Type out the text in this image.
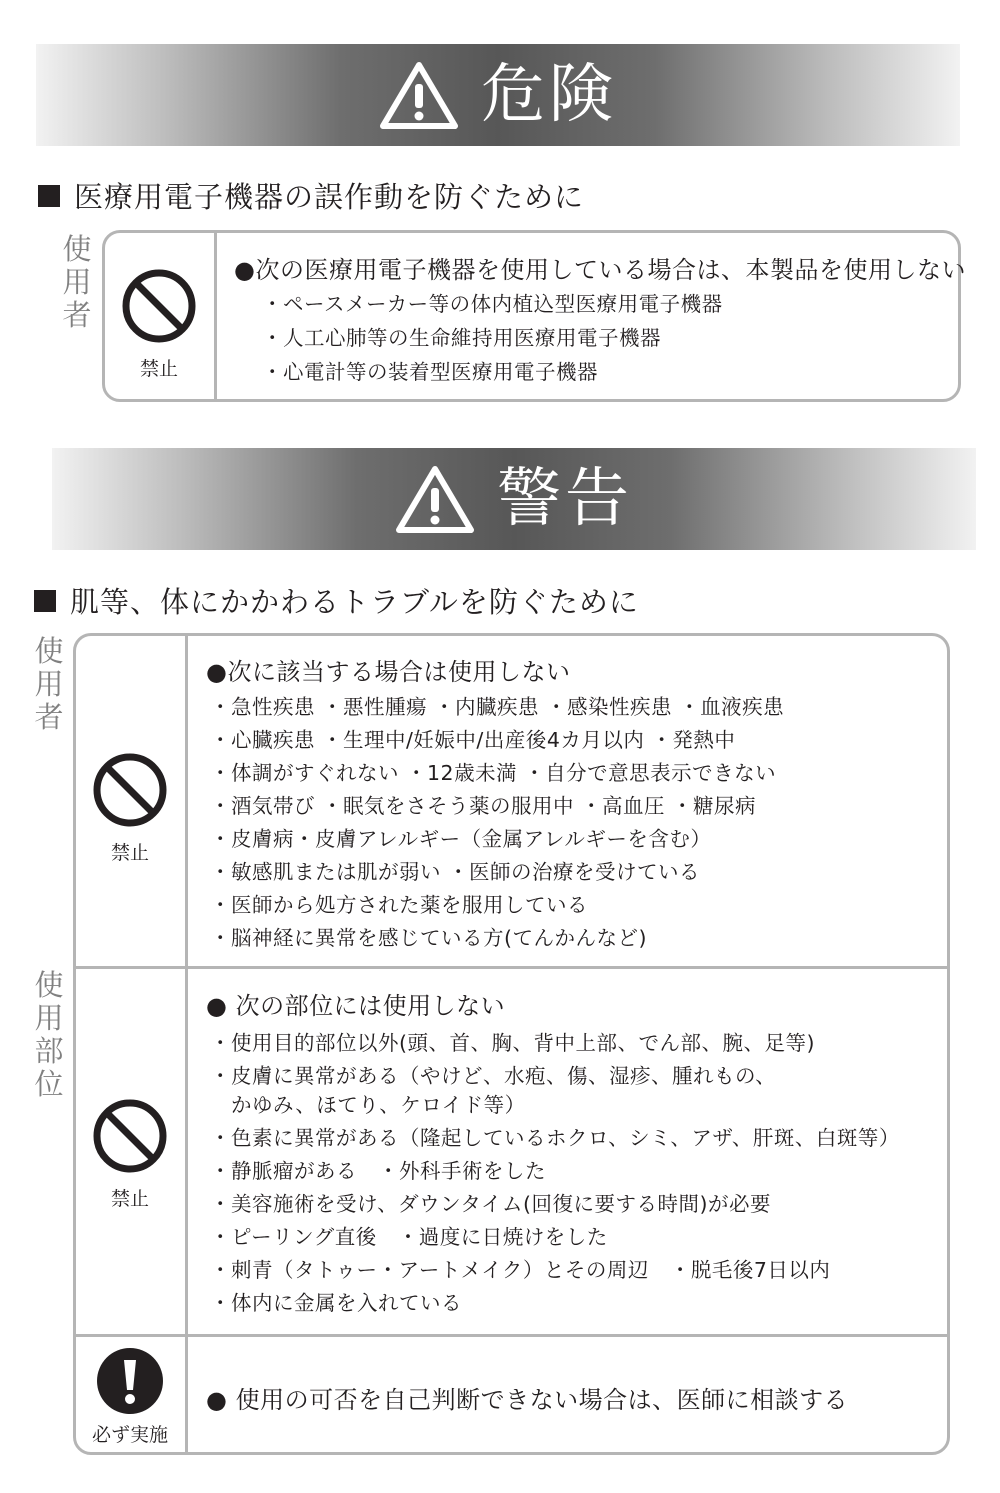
危険
医療用電子機器の誤作動を防ぐために
使用者
禁止
●次の医療用電子機器を使用している場合は、本製品を使用しない
・ペースメーカー等の体内植込型医療用電子機器
・人工心肺等の生命維持用医療用電子機器
・心電計等の装着型医療用電子機器
警告
肌等、体にかかわるトラブルを防ぐために
使用者
使用部位
禁止
●次に該当する場合は使用しない
・急性疾患 ・悪性腫瘍 ・内臓疾患 ・感染性疾患 ・血液疾患
・心臓疾患 ・生理中/妊娠中/出産後4カ月以内 ・発熱中
・体調がすぐれない ・12歳未満 ・自分で意思表示できない
・酒気帯び ・眠気をさそう薬の服用中 ・高血圧 ・糖尿病
・皮膚病・皮膚アレルギー（金属アレルギーを含む）
・敏感肌または肌が弱い ・医師の治療を受けている
・医師から処方された薬を服用している
・脳神経に異常を感じている方(てんかんなど)
禁止
● 次の部位には使用しない
・使用目的部位以外(頭、首、胸、背中上部、でん部、腕、足等)
・皮膚に異常がある（やけど、水疱、傷、湿疹、腫れもの、
　かゆみ、ほてり、ケロイド等）
・色素に異常がある（隆起しているホクロ、シミ、アザ、肝斑、白斑等）
・静脈瘤がある　・外科手術をした
・美容施術を受け、ダウンタイム(回復に要する時間)が必要
・ピーリング直後　・過度に日焼けをした
・刺青（タトゥー・アートメイク）とその周辺　・脱毛後7日以内
・体内に金属を入れている
必ず実施
● 使用の可否を自己判断できない場合は、医師に相談する
